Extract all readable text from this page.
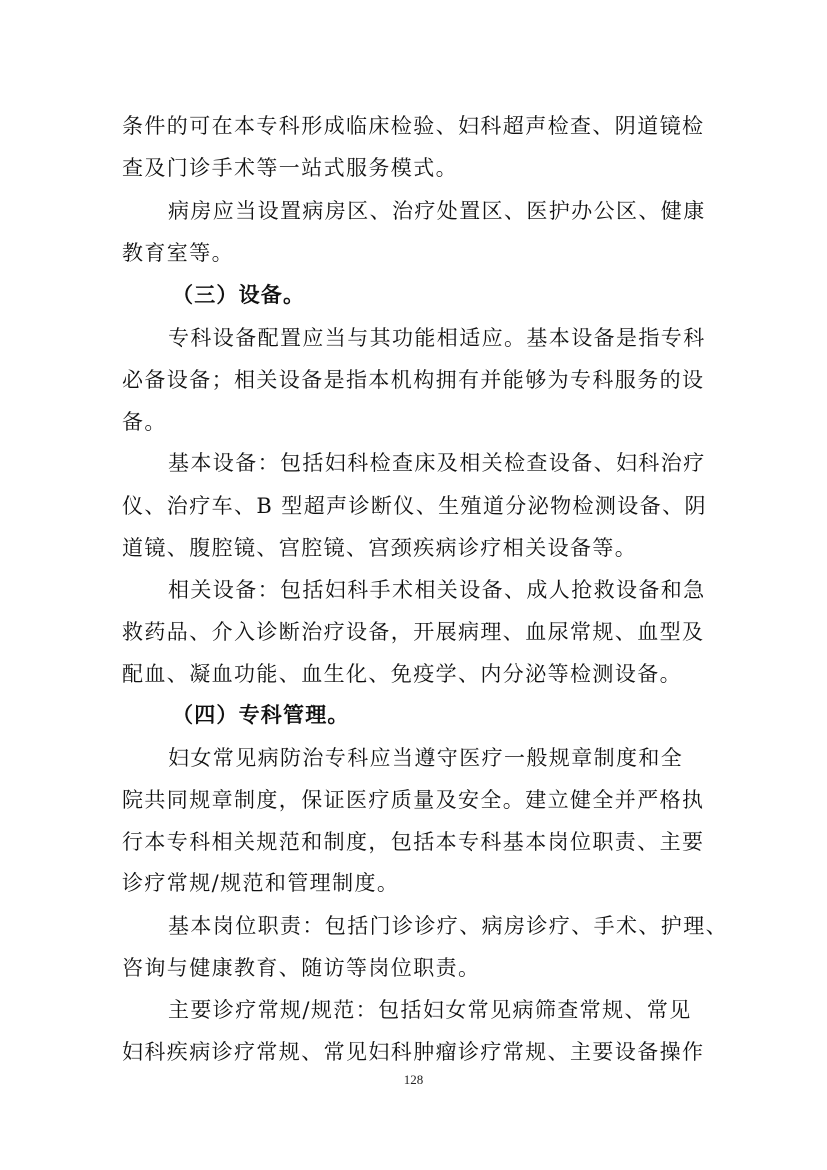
条件的可在本专科形成临床检验、妇科超声检查、阴道镜检
查及门诊手术等一站式服务模式。
病房应当设置病房区、治疗处置区、医护办公区、健康
教育室等。
（三）设备。
专科设备配置应当与其功能相适应。基本设备是指专科
必备设备；相关设备是指本机构拥有并能够为专科服务的设
备。
基本设备：包括妇科检查床及相关检查设备、妇科治疗
仪、治疗车、B 型超声诊断仪、生殖道分泌物检测设备、阴
道镜、腹腔镜、宫腔镜、宫颈疾病诊疗相关设备等。
相关设备：包括妇科手术相关设备、成人抢救设备和急
救药品、介入诊断治疗设备，开展病理、血尿常规、血型及
配血、凝血功能、血生化、免疫学、内分泌等检测设备。
（四）专科管理。
妇女常见病防治专科应当遵守医疗一般规章制度和全
院共同规章制度，保证医疗质量及安全。建立健全并严格执
行本专科相关规范和制度，包括本专科基本岗位职责、主要
诊疗常规/规范和管理制度。
基本岗位职责：包括门诊诊疗、病房诊疗、手术、护理、
咨询与健康教育、随访等岗位职责。
主要诊疗常规/规范：包括妇女常见病筛查常规、常见
妇科疾病诊疗常规、常见妇科肿瘤诊疗常规、主要设备操作
128
